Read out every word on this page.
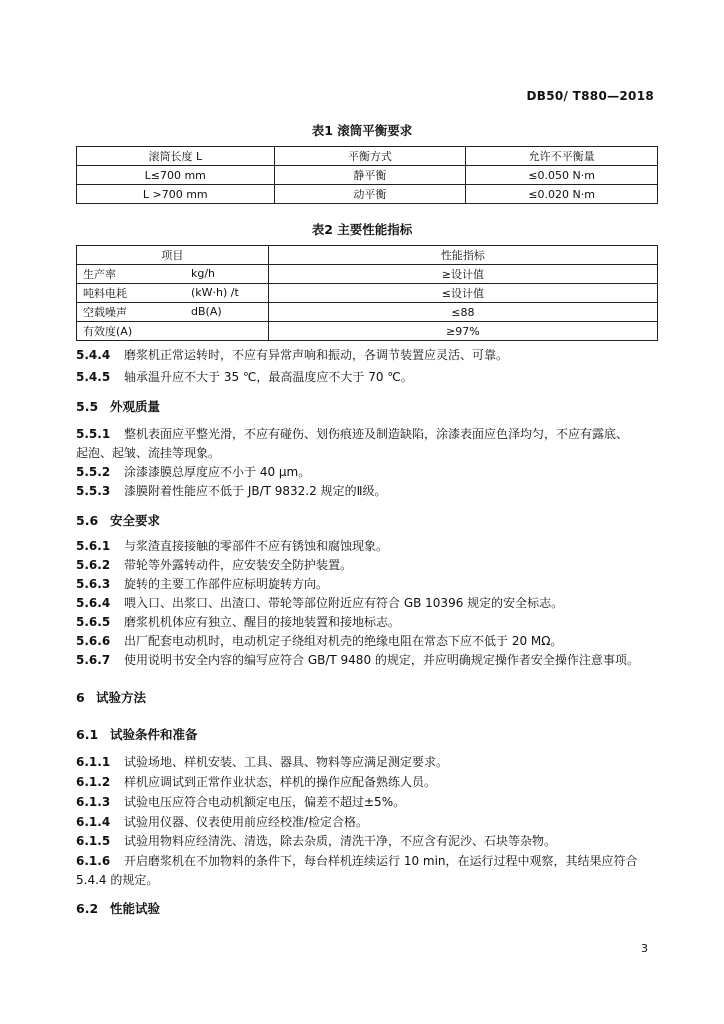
DB50/ T880—2018
表1 滚筒平衡要求
滚筒长度 L	平衡方式	允许不平衡量
L≤700 mm	静平衡	≤0.050 N·m
L >700 mm	动平衡	≤0.020 N·m
表2 主要性能指标
项目	性能指标
生产率 kg/h	≥设计值
吨料电耗 (kW·h) /t	≤设计值
空载噪声 dB(A)	≤88
有效度(A)	≥97%
5.4.4 磨浆机正常运转时，不应有异常声响和振动，各调节装置应灵活、可靠。
5.4.5 轴承温升应不大于 35 ℃，最高温度应不大于 70 ℃。
5.5 外观质量
5.5.1 整机表面应平整光滑，不应有碰伤、划伤痕迹及制造缺陷，涂漆表面应色泽均匀，不应有露底、
起泡、起皱、流挂等现象。
5.5.2 涂漆漆膜总厚度应不小于 40 μm。
5.5.3 漆膜附着性能应不低于 JB/T 9832.2 规定的Ⅱ级。
5.6 安全要求
5.6.1 与浆渣直接接触的零部件不应有锈蚀和腐蚀现象。
5.6.2 带轮等外露转动件，应安装安全防护装置。
5.6.3 旋转的主要工作部件应标明旋转方向。
5.6.4 喂入口、出浆口、出渣口、带轮等部位附近应有符合 GB 10396 规定的安全标志。
5.6.5 磨浆机机体应有独立、醒目的接地装置和接地标志。
5.6.6 出厂配套电动机时，电动机定子绕组对机壳的绝缘电阻在常态下应不低于 20 MΩ。
5.6.7 使用说明书安全内容的编写应符合 GB/T 9480 的规定，并应明确规定操作者安全操作注意事项。
6 试验方法
6.1 试验条件和准备
6.1.1 试验场地、样机安装、工具、器具、物料等应满足测定要求。
6.1.2 样机应调试到正常作业状态，样机的操作应配备熟练人员。
6.1.3 试验电压应符合电动机额定电压，偏差不超过±5%。
6.1.4 试验用仪器、仪表使用前应经校准/检定合格。
6.1.5 试验用物料应经清洗、清选，除去杂质，清洗干净，不应含有泥沙、石块等杂物。
6.1.6 开启磨浆机在不加物料的条件下，每台样机连续运行 10 min，在运行过程中观察，其结果应符合
5.4.4 的规定。
6.2 性能试验
3
